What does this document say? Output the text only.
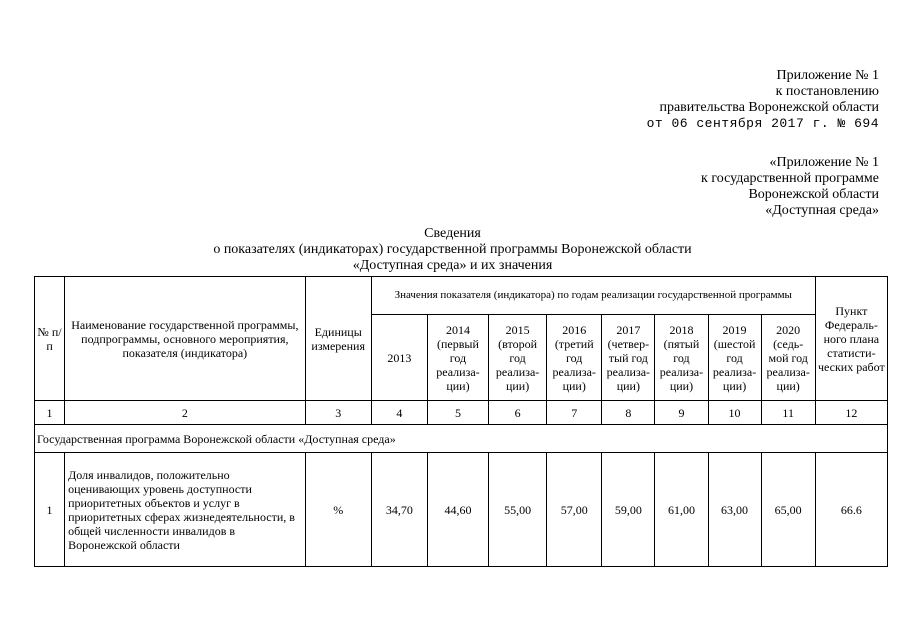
Приложение № 1
к постановлению
правительства Воронежской области
от 06 сентября 2017 г. № 694
«Приложение № 1
к государственной программе
Воронежской области
«Доступная среда»
Сведения
о показателях (индикаторах) государственной программы Воронежской области
«Доступная среда» и их значения
№ п/п	Наименование государственной программы, подпрограммы, основного мероприятия, показателя (индикатора)	Единицы измерения	Значения показателя (индикатора) по годам реализации государственной программы								Пункт Федераль-ного плана статисти-ческих работ
			2013	2014 (первый год реализа-ции)	2015 (второй год реализа-ции)	2016 (третий год реализа-ции)	2017 (четвер-тый год реализа-ции)	2018 (пятый год реализа-ции)	2019 (шестой год реализа-ции)	2020 (седь-мой год реализа-ции)	
1	2	3	4	5	6	7	8	9	10	11	12
Государственная программа Воронежской области «Доступная среда»											
1	Доля инвалидов, положительно оценивающих уровень доступности приоритетных объектов и услуг в приоритетных сферах жизнедеятельности, в общей численности инвалидов в Воронежской области	%	34,70	44,60	55,00	57,00	59,00	61,00	63,00	65,00	66.6
